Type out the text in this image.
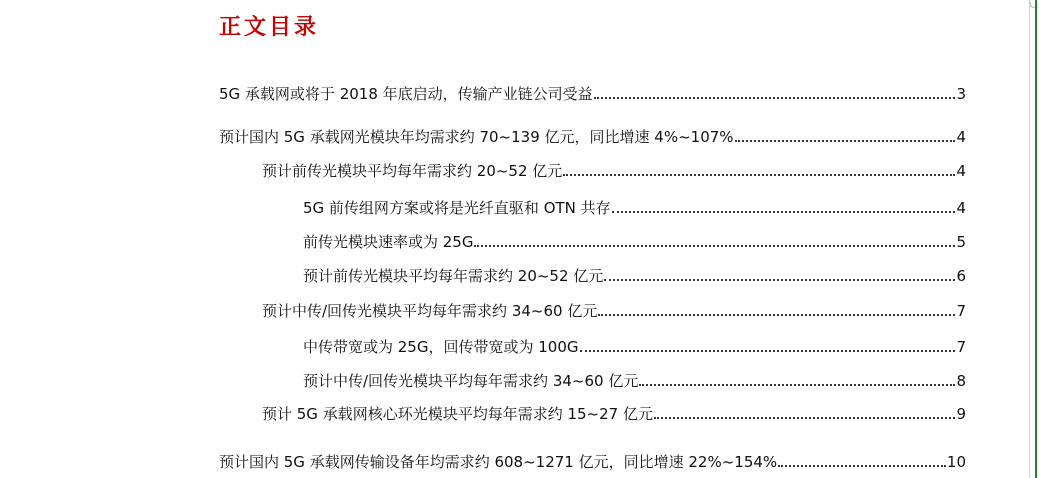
正文目录
5G 承载网或将于 2018 年底启动，传输产业链公司受益	3
预计国内 5G 承载网光模块年均需求约 70~139 亿元，同比增速 4%~107%	4
预计前传光模块平均每年需求约 20~52 亿元	4
5G 前传组网方案或将是光纤直驱和 OTN 共存	4
前传光模块速率或为 25G	5
预计前传光模块平均每年需求约 20~52 亿元	6
预计中传/回传光模块平均每年需求约 34~60 亿元	7
中传带宽或为 25G，回传带宽或为 100G	7
预计中传/回传光模块平均每年需求约 34~60 亿元	8
预计 5G 承载网核心环光模块平均每年需求约 15~27 亿元	9
预计国内 5G 承载网传输设备年均需求约 608~1271 亿元，同比增速 22%~154%	10
